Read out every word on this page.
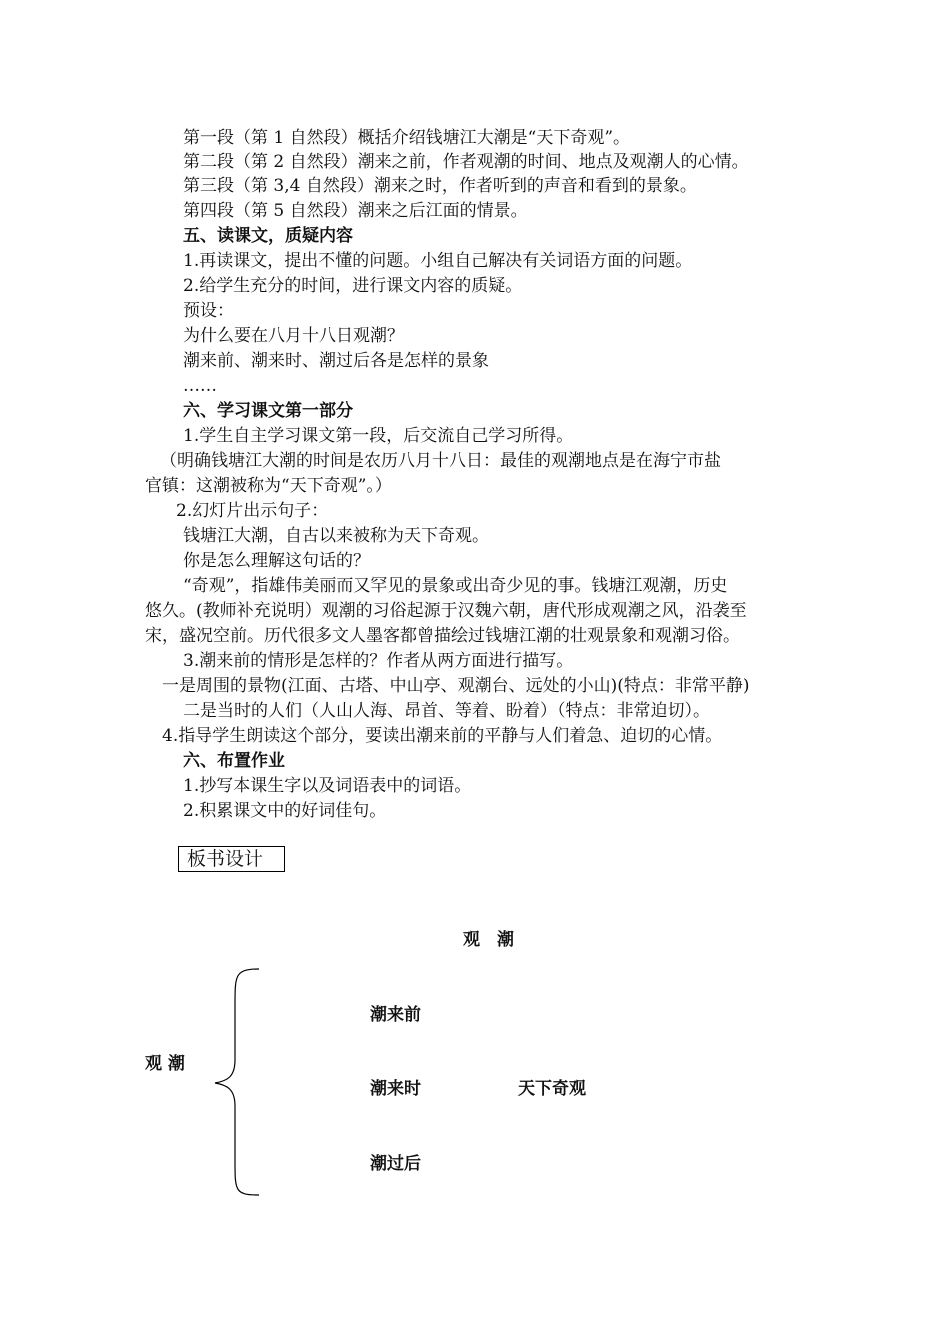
第一段（第 1 自然段）概括介绍钱塘江大潮是“天下奇观”。
第二段（第 2 自然段）潮来之前，作者观潮的时间、地点及观潮人的心情。
第三段（第 3,4 自然段）潮来之时，作者听到的声音和看到的景象。
第四段（第 5 自然段）潮来之后江面的情景。
五、读课文，质疑内容
1.再读课文，提出不懂的问题。小组自己解决有关词语方面的问题。
2.给学生充分的时间，进行课文内容的质疑。
预设：
为什么要在八月十八日观潮？
潮来前、潮来时、潮过后各是怎样的景象
……
六、学习课文第一部分
1.学生自主学习课文第一段，后交流自己学习所得。
（明确钱塘江大潮的时间是农历八月十八日：最佳的观潮地点是在海宁市盐
官镇：这潮被称为“天下奇观”。）
2.幻灯片出示句子：
钱塘江大潮，自古以来被称为天下奇观。
你是怎么理解这句话的？
“奇观”，指雄伟美丽而又罕见的景象或出奇少见的事。钱塘江观潮，历史
悠久。(教师补充说明）观潮的习俗起源于汉魏六朝，唐代形成观潮之风，沿袭至
宋，盛况空前。历代很多文人墨客都曾描绘过钱塘江潮的壮观景象和观潮习俗。
3.潮来前的情形是怎样的？作者从两方面进行描写。
一是周围的景物(江面、古塔、中山亭、观潮台、远处的小山)(特点：非常平静)
二是当时的人们（人山人海、昂首、等着、盼着）（特点：非常迫切）。
4.指导学生朗读这个部分，要读出潮来前的平静与人们着急、迫切的心情。
六、布置作业
1.抄写本课生字以及词语表中的词语。
2.积累课文中的好词佳句。
板书设计
观　潮
观 潮
潮来前
潮来时	天下奇观
潮过后
